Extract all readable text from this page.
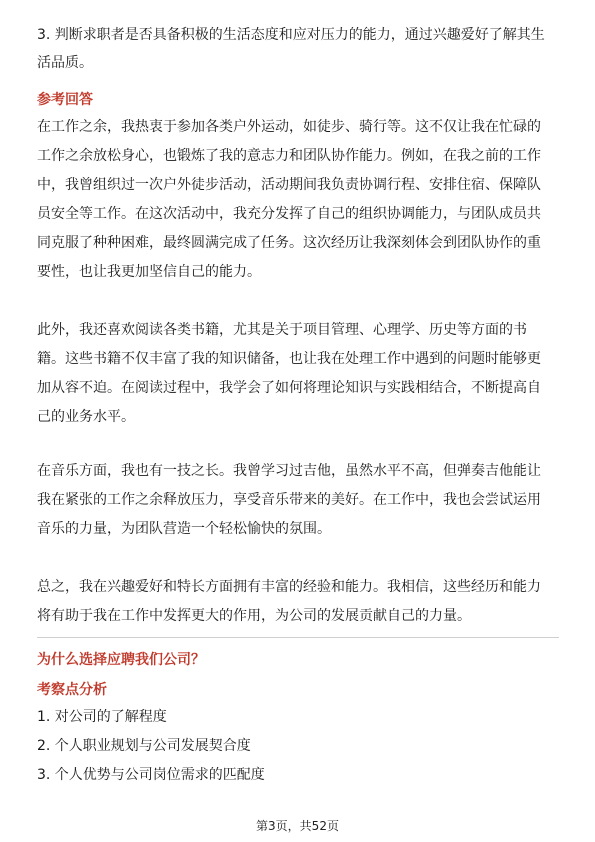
3. 判断求职者是否具备积极的生活态度和应对压力的能力，通过兴趣爱好了解其生
活品质。
参考回答
在工作之余，我热衷于参加各类户外运动，如徒步、骑行等。这不仅让我在忙碌的
工作之余放松身心，也锻炼了我的意志力和团队协作能力。例如，在我之前的工作
中，我曾组织过一次户外徒步活动，活动期间我负责协调行程、安排住宿、保障队
员安全等工作。在这次活动中，我充分发挥了自己的组织协调能力，与团队成员共
同克服了种种困难，最终圆满完成了任务。这次经历让我深刻体会到团队协作的重
要性，也让我更加坚信自己的能力。
此外，我还喜欢阅读各类书籍，尤其是关于项目管理、心理学、历史等方面的书
籍。这些书籍不仅丰富了我的知识储备，也让我在处理工作中遇到的问题时能够更
加从容不迫。在阅读过程中，我学会了如何将理论知识与实践相结合，不断提高自
己的业务水平。
在音乐方面，我也有一技之长。我曾学习过吉他，虽然水平不高，但弹奏吉他能让
我在紧张的工作之余释放压力，享受音乐带来的美好。在工作中，我也会尝试运用
音乐的力量，为团队营造一个轻松愉快的氛围。
总之，我在兴趣爱好和特长方面拥有丰富的经验和能力。我相信，这些经历和能力
将有助于我在工作中发挥更大的作用，为公司的发展贡献自己的力量。
为什么选择应聘我们公司？
考察点分析
1. 对公司的了解程度
2. 个人职业规划与公司发展契合度
3. 个人优势与公司岗位需求的匹配度
第3页，共52页
